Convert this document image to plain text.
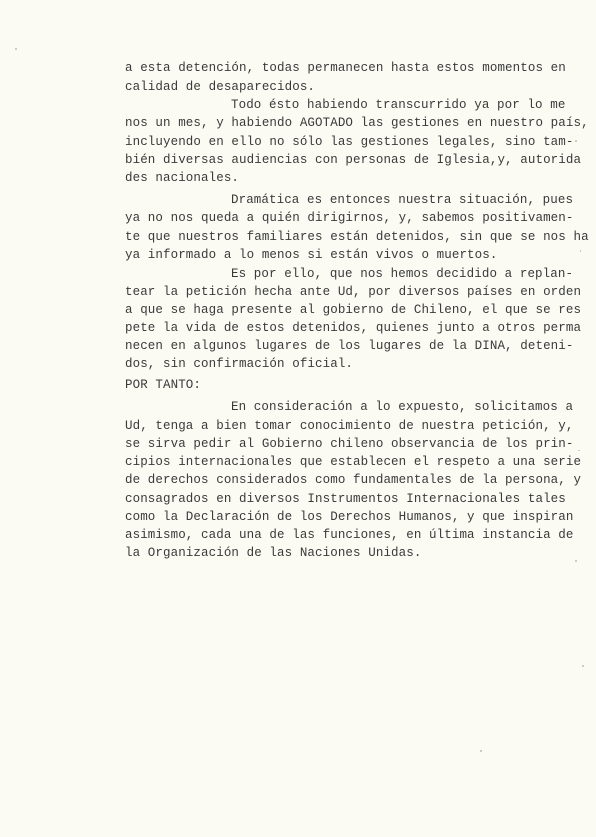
a esta detención, todas permanecen hasta estos momentos en
calidad de desaparecidos.
Todo ésto habiendo transcurrido ya por lo me
nos un mes, y habiendo AGOTADO las gestiones en nuestro país,
incluyendo en ello no sólo las gestiones legales, sino tam-
bién diversas audiencias con personas de Iglesia,y, autorida
des nacionales.
Dramática es entonces nuestra situación, pues
ya no nos queda a quién dirigirnos, y, sabemos positivamen-
te que nuestros familiares están detenidos, sin que se nos ha
ya informado a lo menos si están vivos o muertos.
Es por ello, que nos hemos decidido a replan-
tear la petición hecha ante Ud, por diversos países en orden
a que se haga presente al gobierno de Chileno, el que se res
pete la vida de estos detenidos, quienes junto a otros perma
necen en algunos lugares de los lugares de la DINA, deteni-
dos, sin confirmación oficial.
POR TANTO:
En consideración a lo expuesto, solicitamos a
Ud, tenga a bien tomar conocimiento de nuestra petición, y,
se sirva pedir al Gobierno chileno observancia de los prin-
cipios internacionales que establecen el respeto a una serie
de derechos considerados como fundamentales de la persona, y
consagrados en diversos Instrumentos Internacionales tales
como la Declaración de los Derechos Humanos, y que inspiran
asimismo, cada una de las funciones, en última instancia de
la Organización de las Naciones Unidas.
